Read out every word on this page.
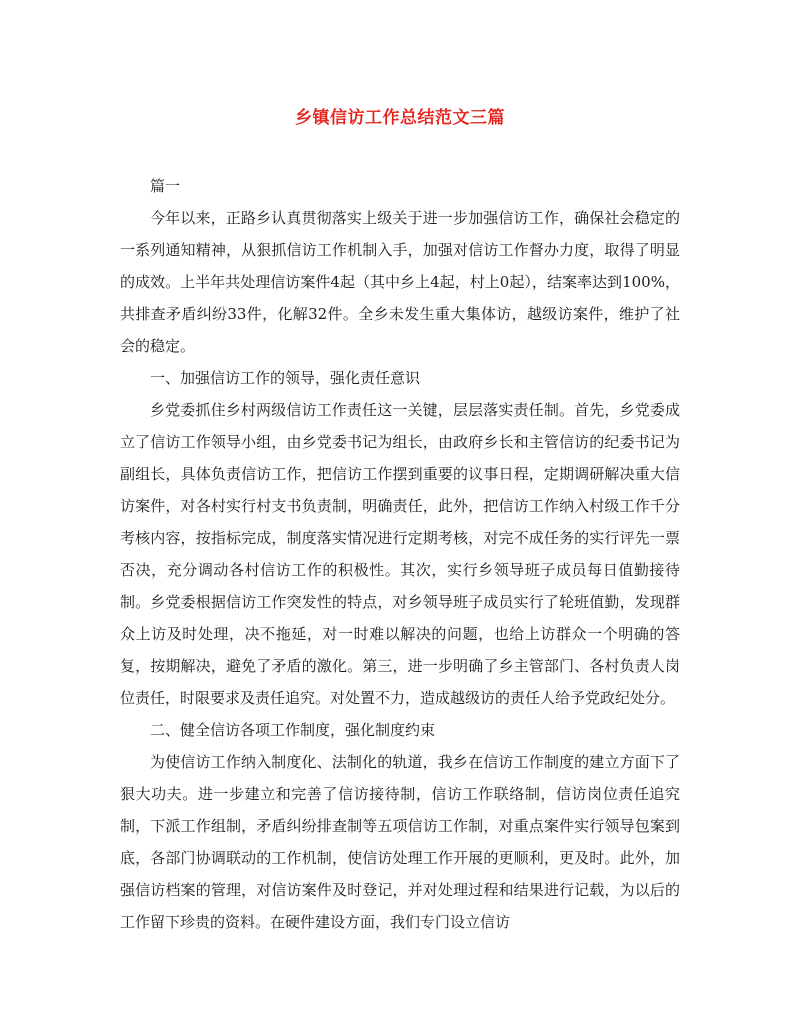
乡镇信访工作总结范文三篇

篇一

今年以来，正路乡认真贯彻落实上级关于进一步加强信访工作，确保社会稳定的一系列通知精神，从狠抓信访工作机制入手，加强对信访工作督办力度，取得了明显的成效。上半年共处理信访案件4起（其中乡上4起，村上0起），结案率达到100%，共排查矛盾纠纷33件，化解32件。全乡未发生重大集体访，越级访案件，维护了社会的稳定。

一、加强信访工作的领导，强化责任意识

乡党委抓住乡村两级信访工作责任这一关键，层层落实责任制。首先，乡党委成立了信访工作领导小组，由乡党委书记为组长，由政府乡长和主管信访的纪委书记为副组长，具体负责信访工作，把信访工作摆到重要的议事日程，定期调研解决重大信访案件，对各村实行村支书负责制，明确责任，此外，把信访工作纳入村级工作千分考核内容，按指标完成，制度落实情况进行定期考核，对完不成任务的实行评先一票否决，充分调动各村信访工作的积极性。其次，实行乡领导班子成员每日值勤接待制。乡党委根据信访工作突发性的特点，对乡领导班子成员实行了轮班值勤，发现群众上访及时处理，决不拖延，对一时难以解决的问题，也给上访群众一个明确的答复，按期解决，避免了矛盾的激化。第三，进一步明确了乡主管部门、各村负责人岗位责任，时限要求及责任追究。对处置不力，造成越级访的责任人给予党政纪处分。

二、健全信访各项工作制度，强化制度约束

为使信访工作纳入制度化、法制化的轨道，我乡在信访工作制度的建立方面下了狠大功夫。进一步建立和完善了信访接待制，信访工作联络制，信访岗位责任追究制，下派工作组制，矛盾纠纷排查制等五项信访工作制，对重点案件实行领导包案到底，各部门协调联动的工作机制，使信访处理工作开展的更顺利，更及时。此外，加强信访档案的管理，对信访案件及时登记，并对处理过程和结果进行记载，为以后的工作留下珍贵的资料。在硬件建设方面，我们专门设立信访
